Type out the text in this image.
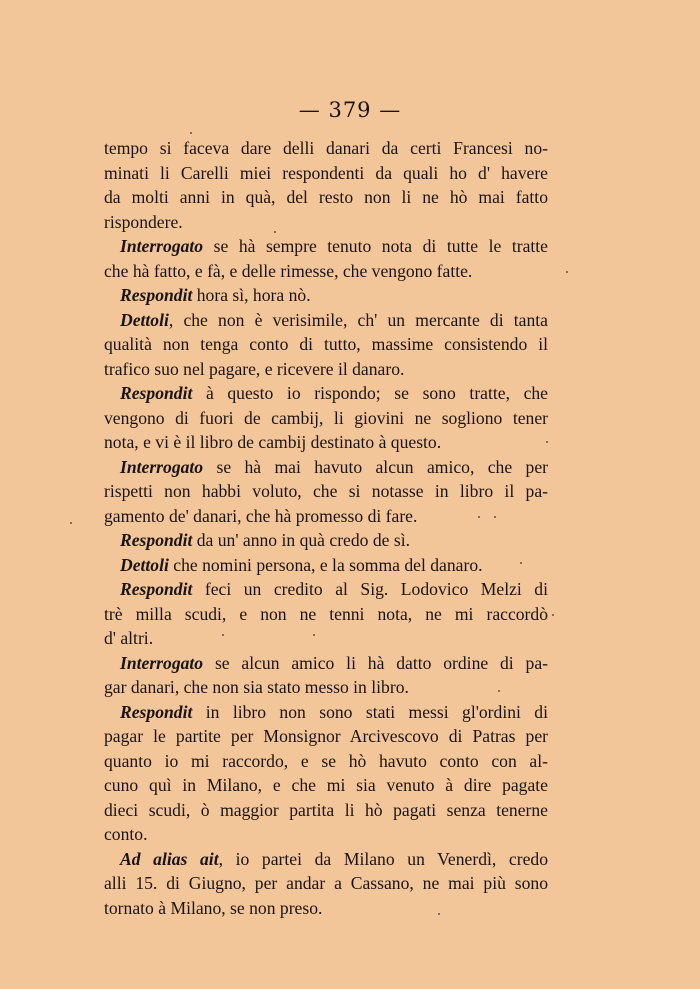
— 379 —
tempo si faceva dare delli danari da certi Francesi no-
minati li Carelli miei respondenti da quali ho d' havere
da molti anni in quà, del resto non li ne hò mai fatto
rispondere.
Interrogato se hà sempre tenuto nota di tutte le tratte
che hà fatto, e fà, e delle rimesse, che vengono fatte.
Respondit hora sì, hora nò.
Dettoli, che non è verisimile, ch' un mercante di tanta
qualità non tenga conto di tutto, massime consistendo il
trafico suo nel pagare, e ricevere il danaro.
Respondit à questo io rispondo; se sono tratte, che
vengono di fuori de cambij, li giovini ne sogliono tener
nota, e vi è il libro de cambij destinato à questo.
Interrogato se hà mai havuto alcun amico, che per
rispetti non habbi voluto, che si notasse in libro il pa-
gamento de' danari, che hà promesso di fare.
Respondit da un' anno in quà credo de sì.
Dettoli che nomini persona, e la somma del danaro.
Respondit feci un credito al Sig. Lodovico Melzi di
trè milla scudi, e non ne tenni nota, ne mi raccordò
d' altri.
Interrogato se alcun amico li hà datto ordine di pa-
gar danari, che non sia stato messo in libro.
Respondit in libro non sono stati messi gl'ordini di
pagar le partite per Monsignor Arcivescovo di Patras per
quanto io mi raccordo, e se hò havuto conto con al-
cuno quì in Milano, e che mi sia venuto à dire pagate
dieci scudi, ò maggior partita li hò pagati senza tenerne
conto.
Ad alias ait, io partei da Milano un Venerdì, credo
alli 15. di Giugno, per andar a Cassano, ne mai più sono
tornato à Milano, se non preso.
